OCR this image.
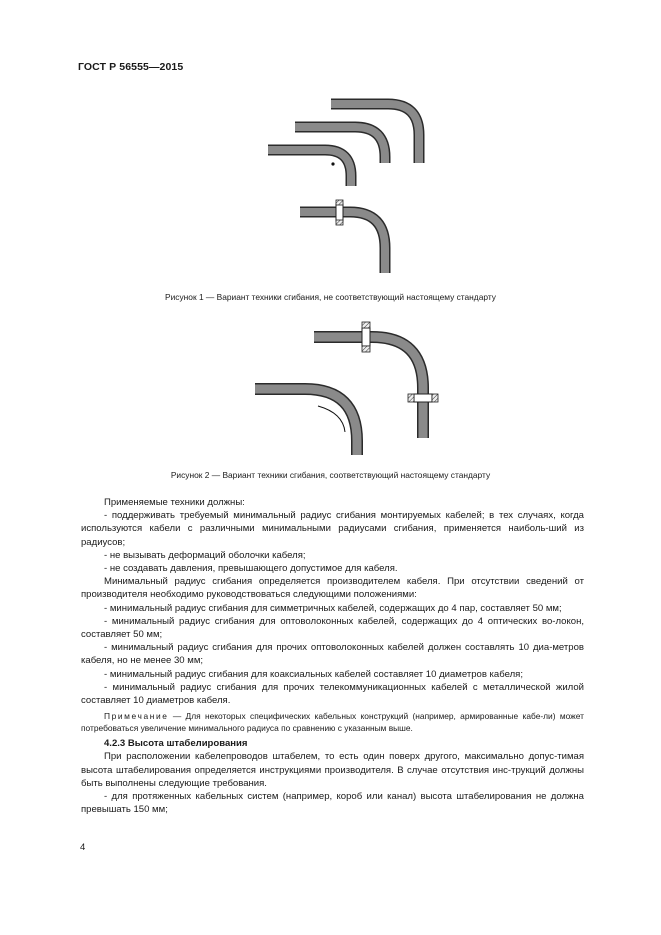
ГОСТ Р 56555—2015
Рисунок 1 — Вариант техники сгибания, не соответствующий настоящему стандарту
Рисунок 2 — Вариант техники сгибания, соответствующий настоящему стандарту

Применяемые техники должны:

- поддерживать требуемый минимальный радиус сгибания монтируемых кабелей; в тех случаях, когда используются кабели с различными минимальными радиусами сгибания, применяется наиболь-ший из радиусов;

- не вызывать деформаций оболочки кабеля;

- не создавать давления, превышающего допустимое для кабеля.

Минимальный радиус сгибания определяется производителем кабеля. При отсутствии сведений от производителя необходимо руководствоваться следующими положениями:

- минимальный радиус сгибания для симметричных кабелей, содержащих до 4 пар, составляет 50 мм;

- минимальный радиус сгибания для оптоволоконных кабелей, содержащих до 4 оптических во-локон, составляет 50 мм;

- минимальный радиус сгибания для прочих оптоволоконных кабелей должен составлять 10 диа-метров кабеля, но не менее 30 мм;

- минимальный радиус сгибания для коаксиальных кабелей составляет 10 диаметров кабеля;

- минимальный радиус сгибания для прочих телекоммуникационных кабелей с металлической жилой составляет 10 диаметров кабеля.

Примечание — Для некоторых специфических кабельных конструкций (например, армированные кабе-ли) может потребоваться увеличение минимального радиуса по сравнению с указанным выше.

4.2.3 Высота штабелирования

При расположении кабелепроводов штабелем, то есть один поверх другого, максимально допус-тимая высота штабелирования определяется инструкциями производителя. В случае отсутствия инс-трукций должны быть выполнены следующие требования.

- для протяженных кабельных систем (например, короб или канал) высота штабелирования не должна превышать 150 мм;

4
